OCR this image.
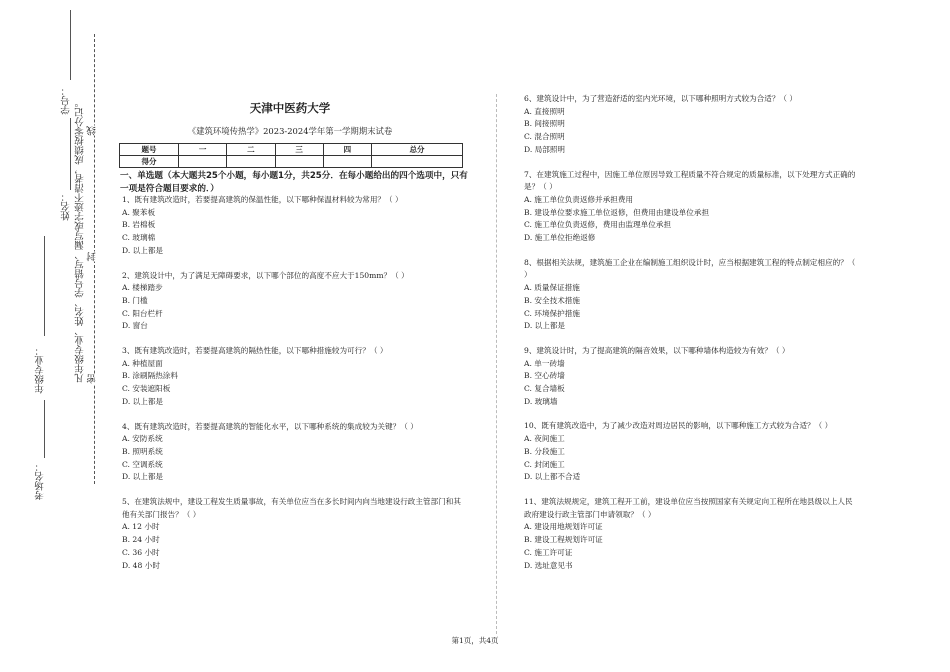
学号：
姓名：
年级专业：
考场名：
凡年级专业、姓名、学号错写、漏写或字迹不清者，成绩按零分记。 密
封
线
天津中医药大学
《建筑环境传热学》2023-2024学年第一学期期末试卷
题号	一	二	三	四	总分
得分					
一、单选题（本大题共25个小题，每小题1分，共25分．在每小题给出的四个选项中，只有一项是符合题目要求的．）

1、既有建筑改造时，若要提高建筑的保温性能，以下哪种保温材料较为常用？（ ）

A. 聚苯板

B. 岩棉板

C. 玻璃棉

D. 以上都是

2、建筑设计中，为了满足无障碍要求，以下哪个部位的高度不应大于150mm？（ ）

A. 楼梯踏步

B. 门槛

C. 阳台栏杆

D. 窗台

3、既有建筑改造时，若要提高建筑的隔热性能，以下哪种措施较为可行？（ ）

A. 种植屋面

B. 涂刷隔热涂料

C. 安装遮阳板

D. 以上都是

4、既有建筑改造时，若要提高建筑的智能化水平，以下哪种系统的集成较为关键？（ ）

A. 安防系统

B. 照明系统

C. 空调系统

D. 以上都是

5、在建筑法规中，建设工程发生质量事故，有关单位应当在多长时间内向当地建设行政主管部门和其他有关部门报告？（ ）

A. 12 小时

B. 24 小时

C. 36 小时

D. 48 小时

6、建筑设计中，为了营造舒适的室内光环境，以下哪种照明方式较为合适？（ ）

A. 直接照明

B. 间接照明

C. 混合照明

D. 局部照明

7、在建筑施工过程中，因施工单位原因导致工程质量不符合规定的质量标准，以下处理方式正确的是？（ ）

A. 施工单位负责返修并承担费用

B. 建设单位要求施工单位返修，但费用由建设单位承担

C. 施工单位负责返修，费用由监理单位承担

D. 施工单位拒绝返修

8、根据相关法规，建筑施工企业在编制施工组织设计时，应当根据建筑工程的特点制定相应的？（ ）

A. 质量保证措施

B. 安全技术措施

C. 环境保护措施

D. 以上都是

9、建筑设计时，为了提高建筑的隔音效果，以下哪种墙体构造较为有效？（ ）

A. 单一砖墙

B. 空心砖墙

C. 复合墙板

D. 玻璃墙

10、既有建筑改造中，为了减少改造对周边居民的影响，以下哪种施工方式较为合适？（ ）

A. 夜间施工

B. 分段施工

C. 封闭施工

D. 以上都不合适

11、建筑法规规定，建筑工程开工前，建设单位应当按照国家有关规定向工程所在地县级以上人民政府建设行政主管部门申请领取？（ ）

A. 建设用地规划许可证

B. 建设工程规划许可证

C. 施工许可证

D. 选址意见书

第1页，共4页
